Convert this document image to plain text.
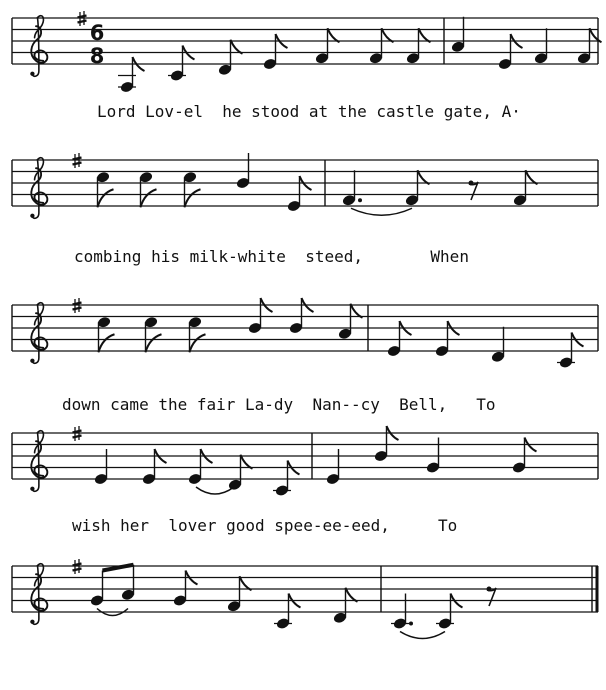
6
8
Lord Lov-el  he stood at the castle gate, A·
combing his milk-white  steed,       When
down came the fair La-dy  Nan--cy  Bell,   To
wish her  lover good spee-ee-eed,     To
